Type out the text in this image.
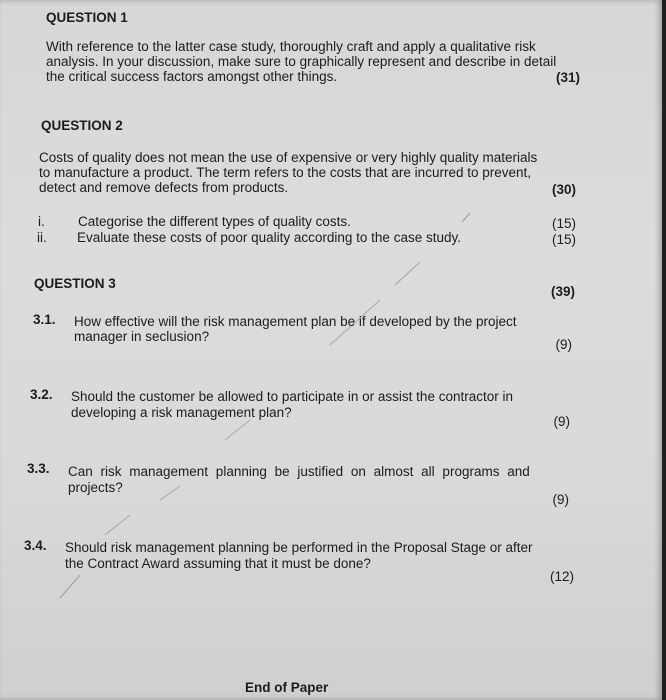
QUESTION 1
With reference to the latter case study, thoroughly craft and apply a qualitative risk
analysis. In your discussion, make sure to graphically represent and describe in detail
the critical success factors amongst other things.	(31)
QUESTION 2
Costs of quality does not mean the use of expensive or very highly quality materials
to manufacture a product. The term refers to the costs that are incurred to prevent,
detect and remove defects from products.	(30)
i. Categorise the different types of quality costs.	(15)
ii. Evaluate these costs of poor quality according to the case study.	(15)
QUESTION 3
(39)
3.1. How effective will the risk management plan be if developed by the project
manager in seclusion?
(9)
3.2. Should the customer be allowed to participate in or assist the contractor in
developing a risk management plan?
(9)
3.3. Can risk management planning be justified on almost all programs and
projects?
(9)
3.4. Should risk management planning be performed in the Proposal Stage or after
the Contract Award assuming that it must be done?
(12)
End of Paper
